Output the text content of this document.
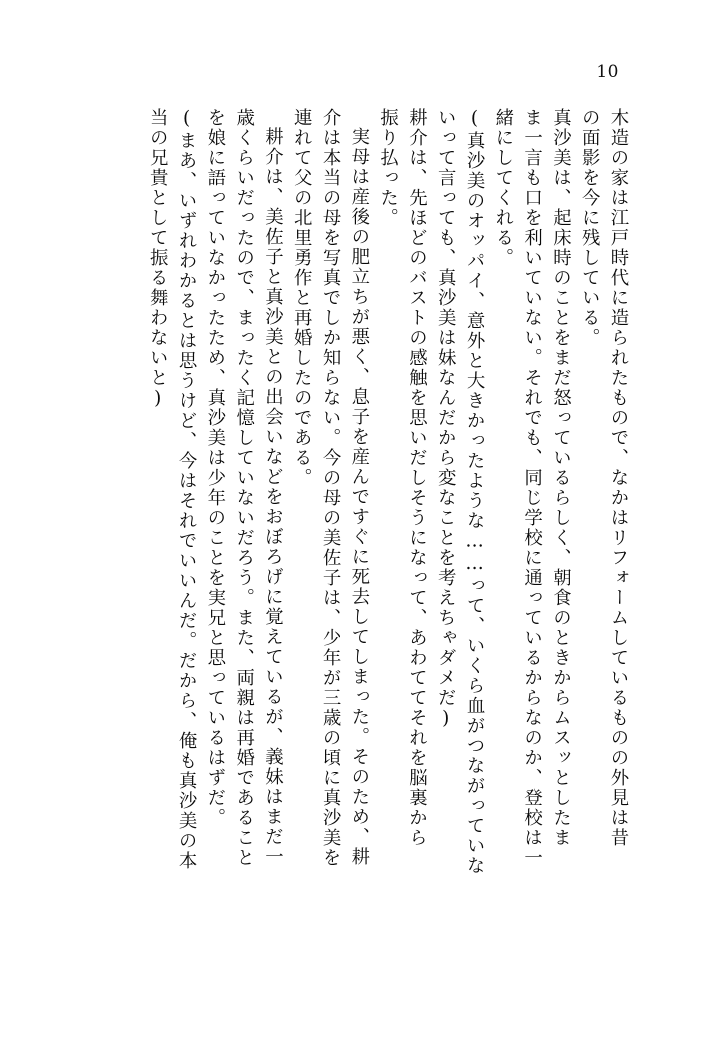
10
木造の家は江戸時代に造られたもので、なかはリフォームしているものの外見は昔
の面影を今に残している。
真沙美は、起床時のことをまだ怒っているらしく、朝食のときからムスッとしたま
ま一言も口を利いていない。それでも、同じ学校に通っているからなのか、登校は一
緒にしてくれる。
(真沙美のオッパイ、意外と大きかったような……って、いくら血がつながっていな
いって言っても、真沙美は妹なんだから変なことを考えちゃダメだ)
耕介は、先ほどのバストの感触を思いだしそうになって、あわててそれを脳裏から
振り払った。
実母は産後の肥立ちが悪く、息子を産んですぐに死去してしまった。そのため、耕
介は本当の母を写真でしか知らない。今の母の美佐子は、少年が三歳の頃に真沙美を
連れて父の北里勇作と再婚したのである。
耕介は、美佐子と真沙美との出会いなどをおぼろげに覚えているが、義妹はまだ一
歳くらいだったので、まったく記憶していないだろう。また、両親は再婚であること
を娘に語っていなかったため、真沙美は少年のことを実兄と思っているはずだ。
(まあ、いずれわかるとは思うけど、今はそれでいいんだ。だから、俺も真沙美の本
当の兄貴として振る舞わないと)
